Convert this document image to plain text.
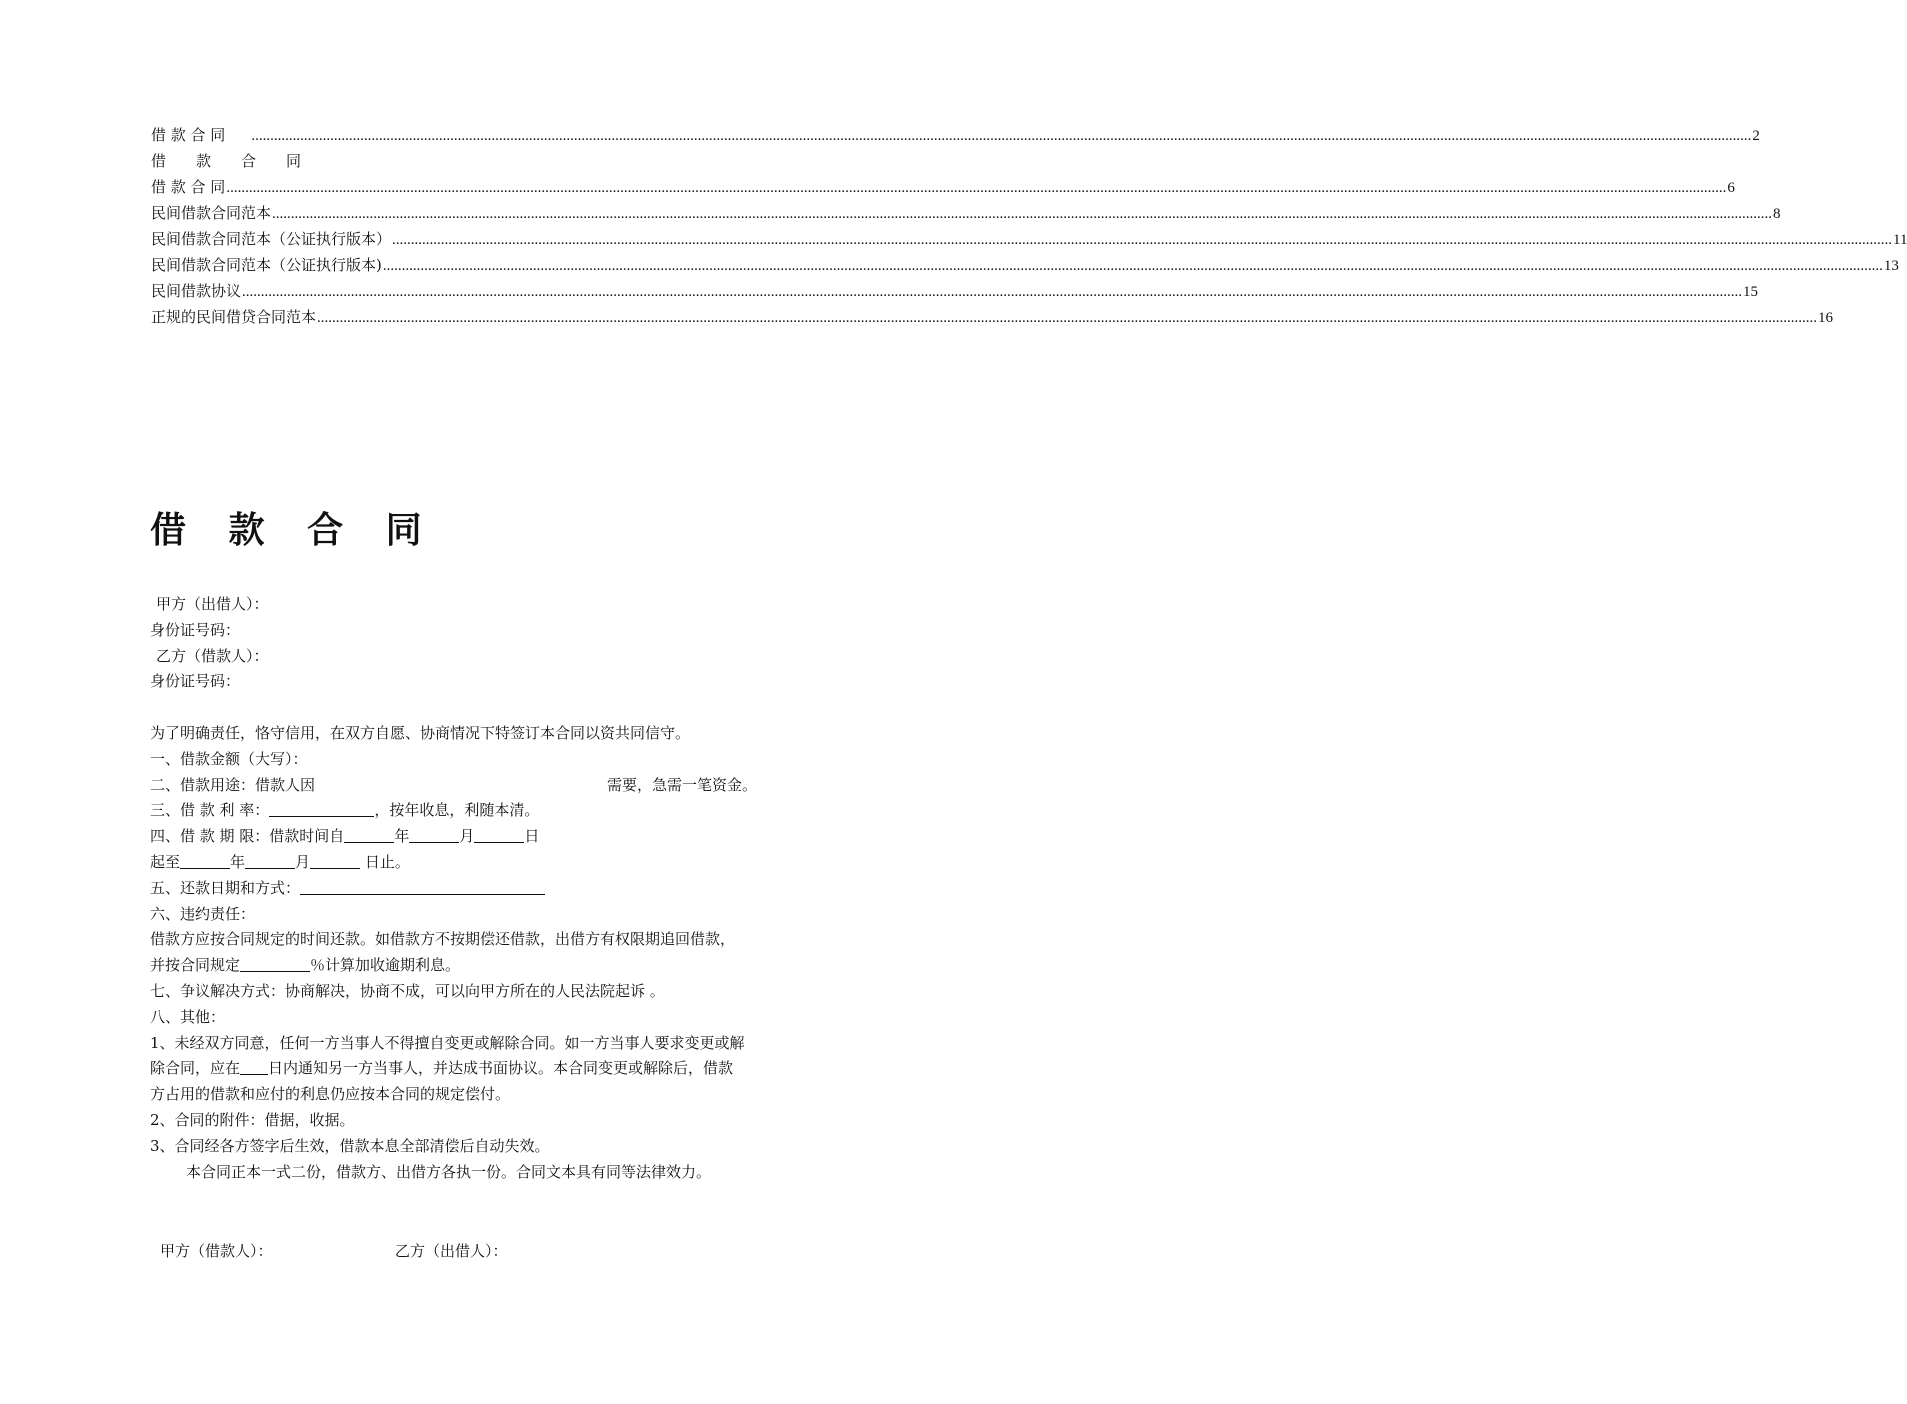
借 款 合 同 ................................................................................................................................................................................................................................................................................................................................................................................................................ 2
借　　款　　合　　同
借 款 合 同 ................................................................................................................................................................................................................................................................................................................................................................................................................ 6
民间借款合同范本 ................................................................................................................................................................................................................................................................................................................................................................................................................ 8
民间借款合同范本（公证执行版本） ................................................................................................................................................................................................................................................................................................................................................................................................................ 11
民间借款合同范本（公证执行版本) ................................................................................................................................................................................................................................................................................................................................................................................................................ 13
民间借款协议 ................................................................................................................................................................................................................................................................................................................................................................................................................ 15
正规的民间借贷合同范本 ................................................................................................................................................................................................................................................................................................................................................................................................................ 16
借 款 合 同
甲方（出借人）：
身份证号码：
乙方（借款人）：
身份证号码：
为了明确责任，恪守信用，在双方自愿、协商情况下特签订本合同以资共同信守。
一、借款金额（大写）：
二、借款用途：借款人因	需要，急需一笔资金。
三、借 款 利 率：	，按年收息，利随本清。
四、借 款 期 限：借款时间自	年	月	日
起至	年	月	日止。
五、还款日期和方式：
六、违约责任：
借款方应按合同规定的时间还款。如借款方不按期偿还借款，出借方有权限期追回借款，
并按合同规定	％计算加收逾期利息。
七、争议解决方式：协商解决，协商不成，可以向甲方所在的人民法院起诉 。
八、其他：
1、未经双方同意，任何一方当事人不得擅自变更或解除合同。如一方当事人要求变更或解
除合同，应在 日内通知另一方当事人，并达成书面协议。本合同变更或解除后，借款
方占用的借款和应付的利息仍应按本合同的规定偿付。
2、合同的附件：借据，收据。
3、合同经各方签字后生效，借款本息全部清偿后自动失效。
本合同正本一式二份，借款方、出借方各执一份。合同文本具有同等法律效力。
甲方（借款人）：	乙方（出借人）：
